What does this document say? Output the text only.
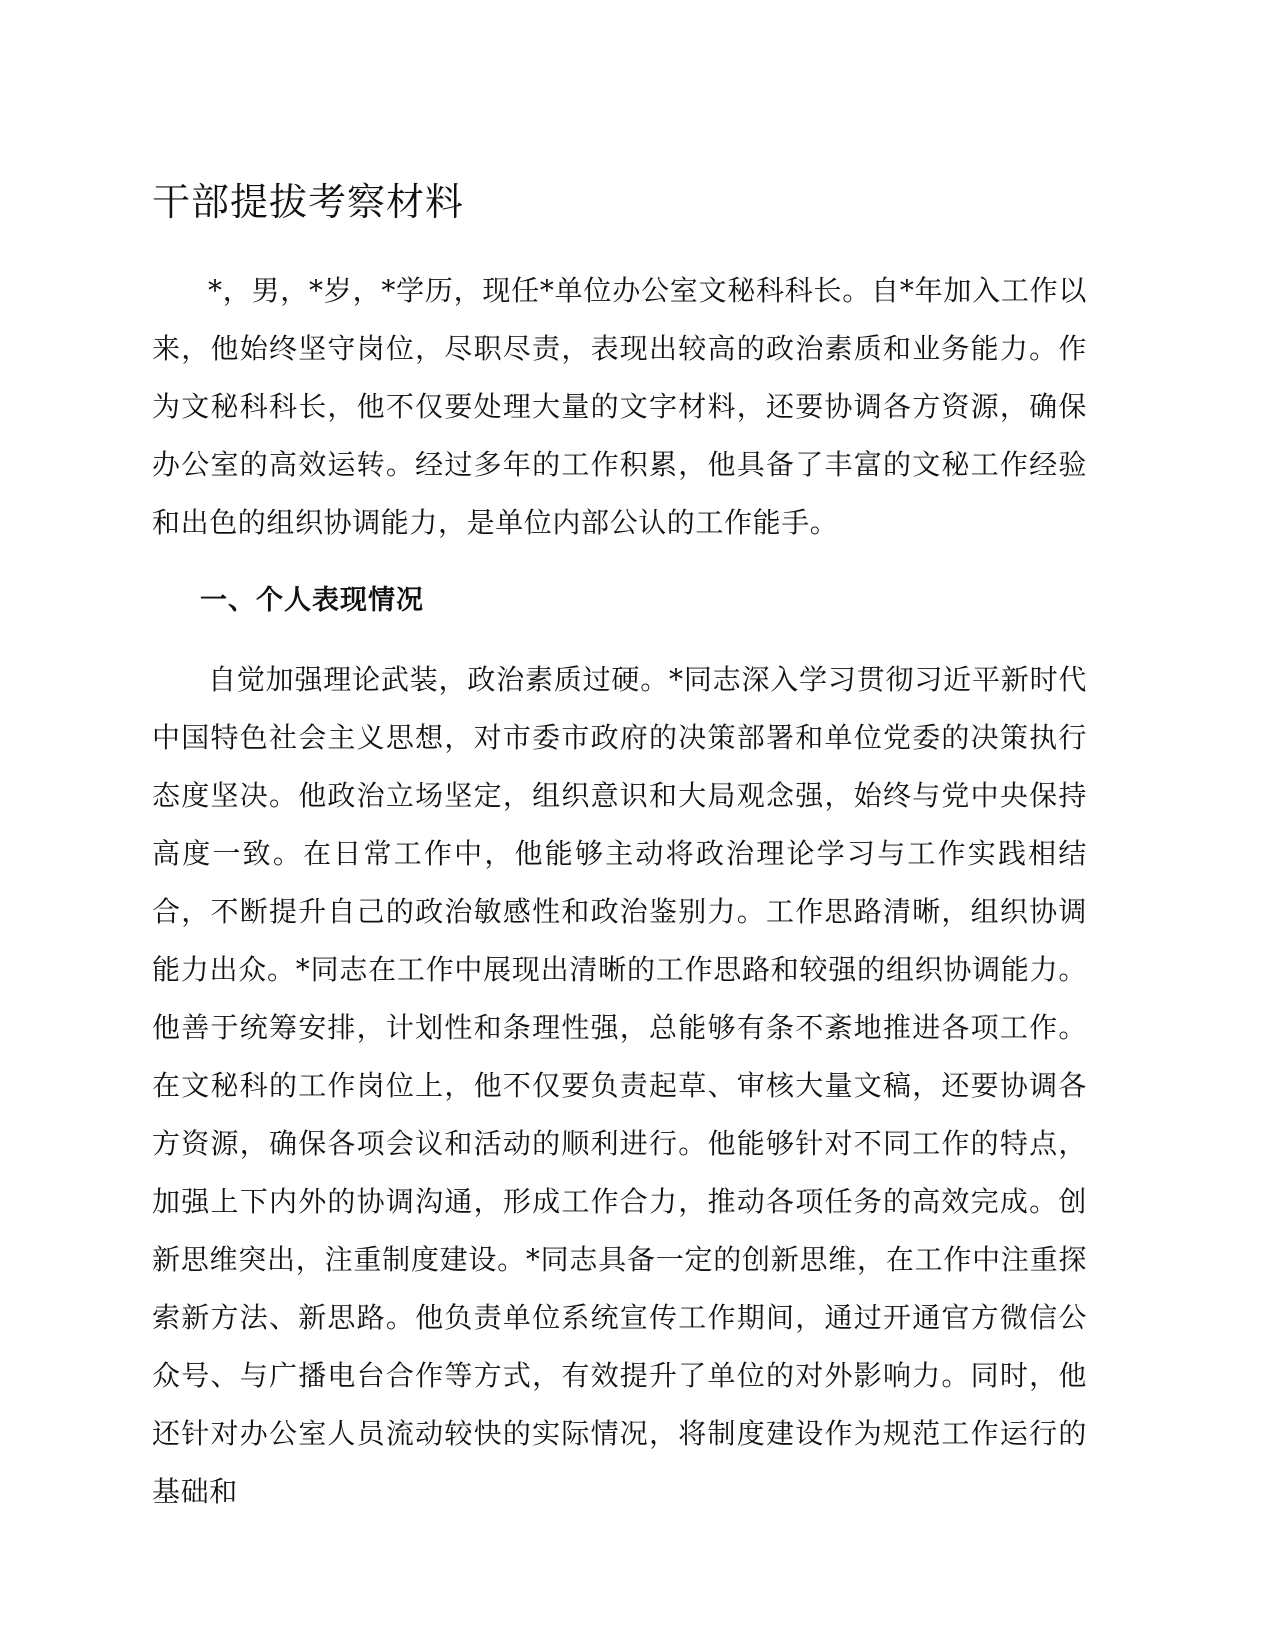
干部提拔考察材料

*，男，*岁，*学历，现任*单位办公室文秘科科长。自*年加入工作以来，他始终坚守岗位，尽职尽责，表现出较高的政治素质和业务能力。作为文秘科科长，他不仅要处理大量的文字材料，还要协调各方资源，确保办公室的高效运转。经过多年的工作积累，他具备了丰富的文秘工作经验和出色的组织协调能力，是单位内部公认的工作能手。

一、个人表现情况

自觉加强理论武装，政治素质过硬。*同志深入学习贯彻习近平新时代中国特色社会主义思想，对市委市政府的决策部署和单位党委的决策执行态度坚决。他政治立场坚定，组织意识和大局观念强，始终与党中央保持高度一致。在日常工作中，他能够主动将政治理论学习与工作实践相结合，不断提升自己的政治敏感性和政治鉴别力。工作思路清晰，组织协调能力出众。*同志在工作中展现出清晰的工作思路和较强的组织协调能力。他善于统筹安排，计划性和条理性强，总能够有条不紊地推进各项工作。在文秘科的工作岗位上，他不仅要负责起草、审核大量文稿，还要协调各方资源，确保各项会议和活动的顺利进行。他能够针对不同工作的特点，加强上下内外的协调沟通，形成工作合力，推动各项任务的高效完成。创新思维突出，注重制度建设。*同志具备一定的创新思维，在工作中注重探索新方法、新思路。他负责单位系统宣传工作期间，通过开通官方微信公众号、与广播电台合作等方式，有效提升了单位的对外影响力。同时，他还针对办公室人员流动较快的实际情况，将制度建设作为规范工作运行的基础和
